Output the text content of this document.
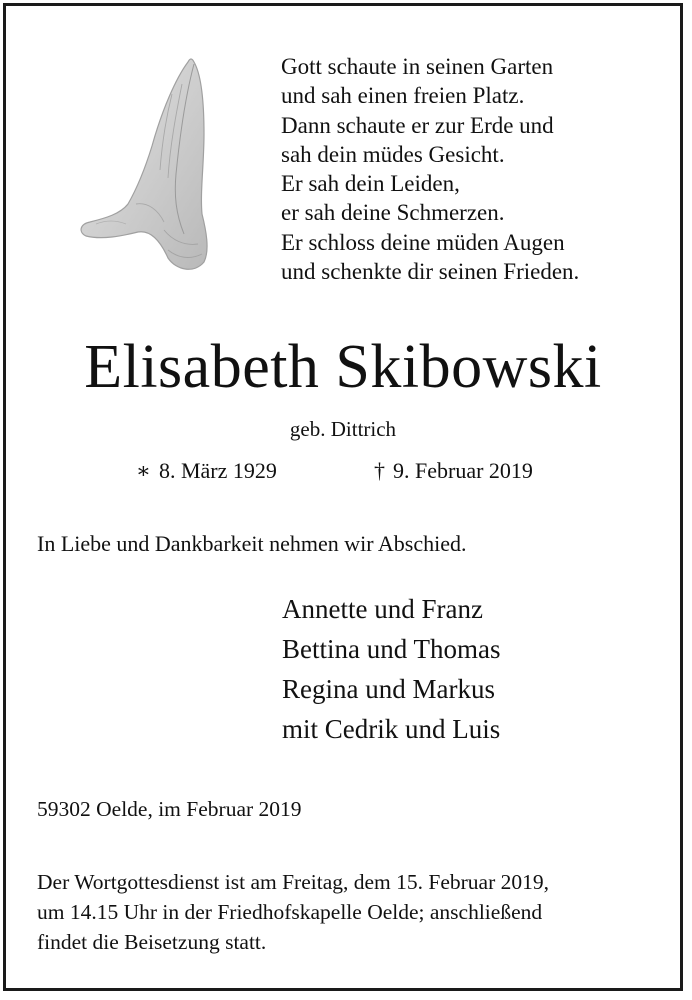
Gott schaute in seinen Garten
und sah einen freien Platz.
Dann schaute er zur Erde und
sah dein müdes Gesicht.
Er sah dein Leiden,
er sah deine Schmerzen.
Er schloss deine müden Augen
und schenkte dir seinen Frieden.
Elisabeth Skibowski
geb. Dittrich
∗ 8. März 1929	† 9. Februar 2019
In Liebe und Dankbarkeit nehmen wir Abschied.
Annette und Franz
Bettina und Thomas
Regina und Markus
mit Cedrik und Luis
59302 Oelde, im Februar 2019
Der Wortgottesdienst ist am Freitag, dem 15. Februar 2019,
um 14.15 Uhr in der Friedhofskapelle Oelde; anschließend
findet die Beisetzung statt.
